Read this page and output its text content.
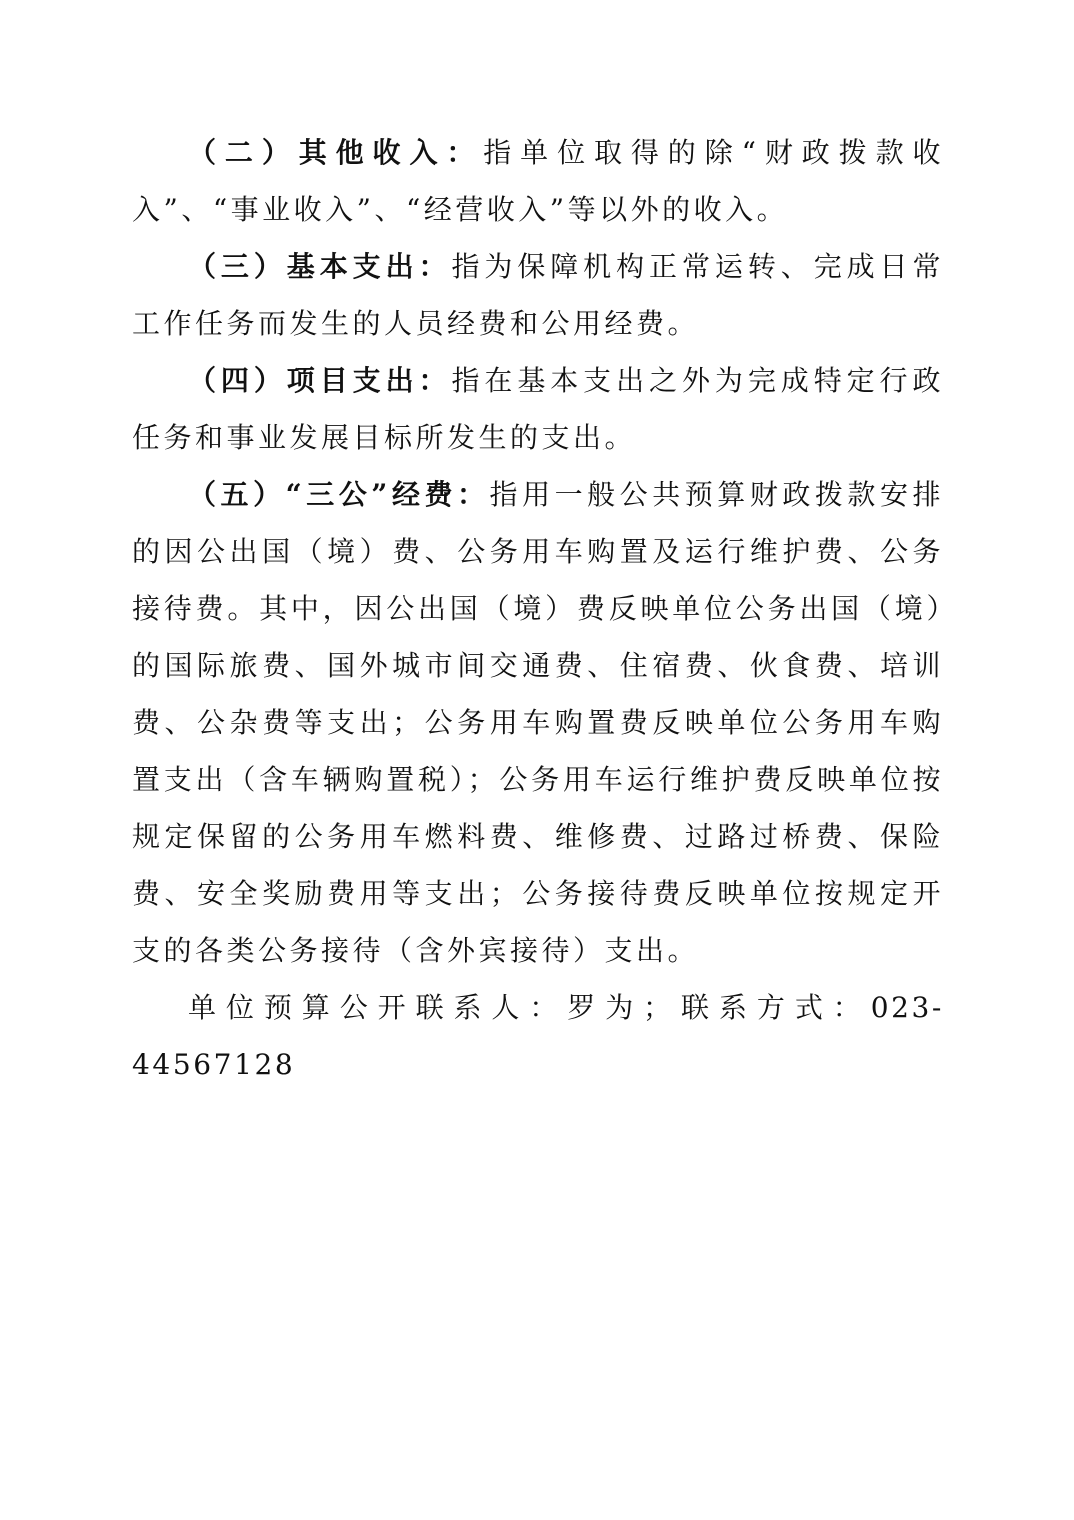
（二）其他收入：指单位取得的除“财政拨款收入”、“事业收入”、“经营收入”等以外的收入。

（三）基本支出：指为保障机构正常运转、完成日常工作任务而发生的人员经费和公用经费。

（四）项目支出：指在基本支出之外为完成特定行政任务和事业发展目标所发生的支出。

（五）“三公”经费：指用一般公共预算财政拨款安排的因公出国（境）费、公务用车购置及运行维护费、公务接待费。其中，因公出国（境）费反映单位公务出国（境）的国际旅费、国外城市间交通费、住宿费、伙食费、培训费、公杂费等支出；公务用车购置费反映单位公务用车购置支出（含车辆购置税）；公务用车运行维护费反映单位按规定保留的公务用车燃料费、维修费、过路过桥费、保险费、安全奖励费用等支出；公务接待费反映单位按规定开支的各类公务接待（含外宾接待）支出。

单位预算公开联系人：罗为；联系方式：023-44567128
